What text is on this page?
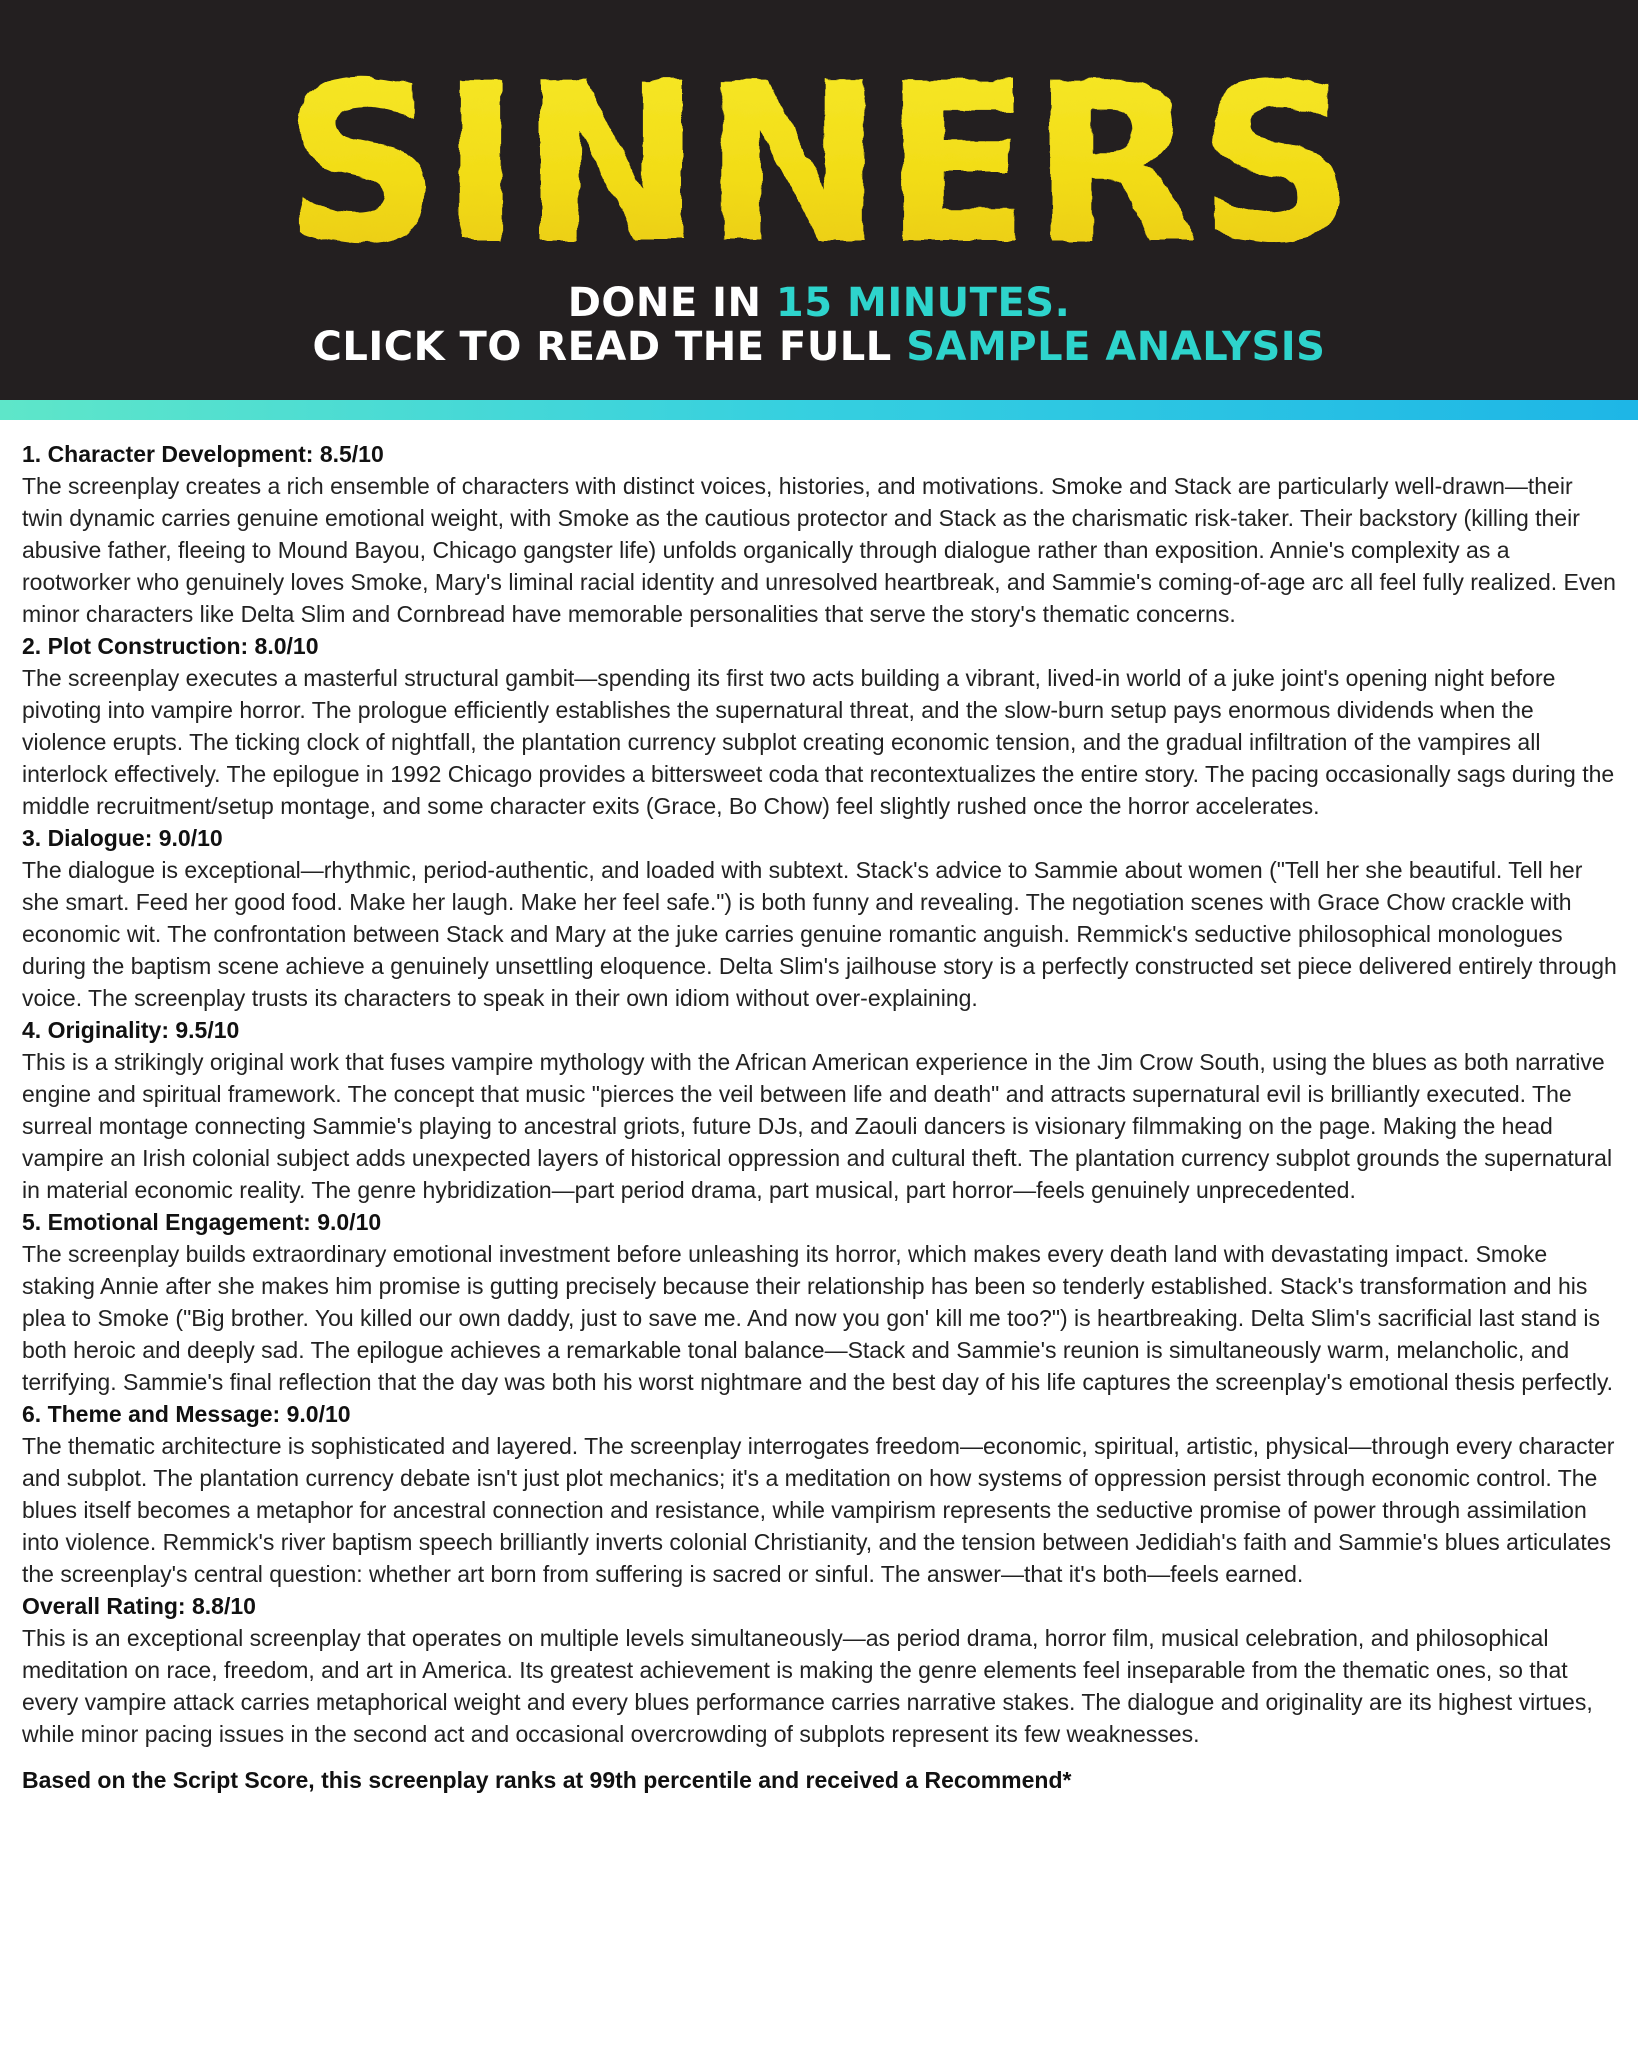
SINNERS
DONE IN 15 MINUTES.
CLICK TO READ THE FULL SAMPLE ANALYSIS
1. Character Development: 8.5/10

The screenplay creates a rich ensemble of characters with distinct voices, histories, and motivations. Smoke and Stack are particularly well-drawn—their twin dynamic carries genuine emotional weight, with Smoke as the cautious protector and Stack as the charismatic risk-taker. Their backstory (killing their abusive father, fleeing to Mound Bayou, Chicago gangster life) unfolds organically through dialogue rather than exposition. Annie's complexity as a rootworker who genuinely loves Smoke, Mary's liminal racial identity and unresolved heartbreak, and Sammie's coming-of-age arc all feel fully realized. Even minor characters like Delta Slim and Cornbread have memorable personalities that serve the story's thematic concerns.

2. Plot Construction: 8.0/10

The screenplay executes a masterful structural gambit—spending its first two acts building a vibrant, lived-in world of a juke joint's opening night before pivoting into vampire horror. The prologue efficiently establishes the supernatural threat, and the slow-burn setup pays enormous dividends when the violence erupts. The ticking clock of nightfall, the plantation currency subplot creating economic tension, and the gradual infiltration of the vampires all interlock effectively. The epilogue in 1992 Chicago provides a bittersweet coda that recontextualizes the entire story. The pacing occasionally sags during the middle recruitment/setup montage, and some character exits (Grace, Bo Chow) feel slightly rushed once the horror accelerates.

3. Dialogue: 9.0/10

The dialogue is exceptional—rhythmic, period-authentic, and loaded with subtext. Stack's advice to Sammie about women ("Tell her she beautiful. Tell her she smart. Feed her good food. Make her laugh. Make her feel safe.") is both funny and revealing. The negotiation scenes with Grace Chow crackle with economic wit. The confrontation between Stack and Mary at the juke carries genuine romantic anguish. Remmick's seductive philosophical monologues during the baptism scene achieve a genuinely unsettling eloquence. Delta Slim's jailhouse story is a perfectly constructed set piece delivered entirely through voice. The screenplay trusts its characters to speak in their own idiom without over-explaining.

4. Originality: 9.5/10

This is a strikingly original work that fuses vampire mythology with the African American experience in the Jim Crow South, using the blues as both narrative engine and spiritual framework. The concept that music "pierces the veil between life and death" and attracts supernatural evil is brilliantly executed. The surreal montage connecting Sammie's playing to ancestral griots, future DJs, and Zaouli dancers is visionary filmmaking on the page. Making the head vampire an Irish colonial subject adds unexpected layers of historical oppression and cultural theft. The plantation currency subplot grounds the supernatural in material economic reality. The genre hybridization—part period drama, part musical, part horror—feels genuinely unprecedented.

5. Emotional Engagement: 9.0/10

The screenplay builds extraordinary emotional investment before unleashing its horror, which makes every death land with devastating impact. Smoke staking Annie after she makes him promise is gutting precisely because their relationship has been so tenderly established. Stack's transformation and his plea to Smoke ("Big brother. You killed our own daddy, just to save me. And now you gon' kill me too?") is heartbreaking. Delta Slim's sacrificial last stand is both heroic and deeply sad. The epilogue achieves a remarkable tonal balance—Stack and Sammie's reunion is simultaneously warm, melancholic, and terrifying. Sammie's final reflection that the day was both his worst nightmare and the best day of his life captures the screenplay's emotional thesis perfectly.

6. Theme and Message: 9.0/10

The thematic architecture is sophisticated and layered. The screenplay interrogates freedom—economic, spiritual, artistic, physical—through every character and subplot. The plantation currency debate isn't just plot mechanics; it's a meditation on how systems of oppression persist through economic control. The blues itself becomes a metaphor for ancestral connection and resistance, while vampirism represents the seductive promise of power through assimilation into violence. Remmick's river baptism speech brilliantly inverts colonial Christianity, and the tension between Jedidiah's faith and Sammie's blues articulates the screenplay's central question: whether art born from suffering is sacred or sinful. The answer—that it's both—feels earned.

Overall Rating: 8.8/10

This is an exceptional screenplay that operates on multiple levels simultaneously—as period drama, horror film, musical celebration, and philosophical meditation on race, freedom, and art in America. Its greatest achievement is making the genre elements feel inseparable from the thematic ones, so that every vampire attack carries metaphorical weight and every blues performance carries narrative stakes. The dialogue and originality are its highest virtues, while minor pacing issues in the second act and occasional overcrowding of subplots represent its few weaknesses.

Based on the Script Score, this screenplay ranks at 99th percentile and received a Recommend*
